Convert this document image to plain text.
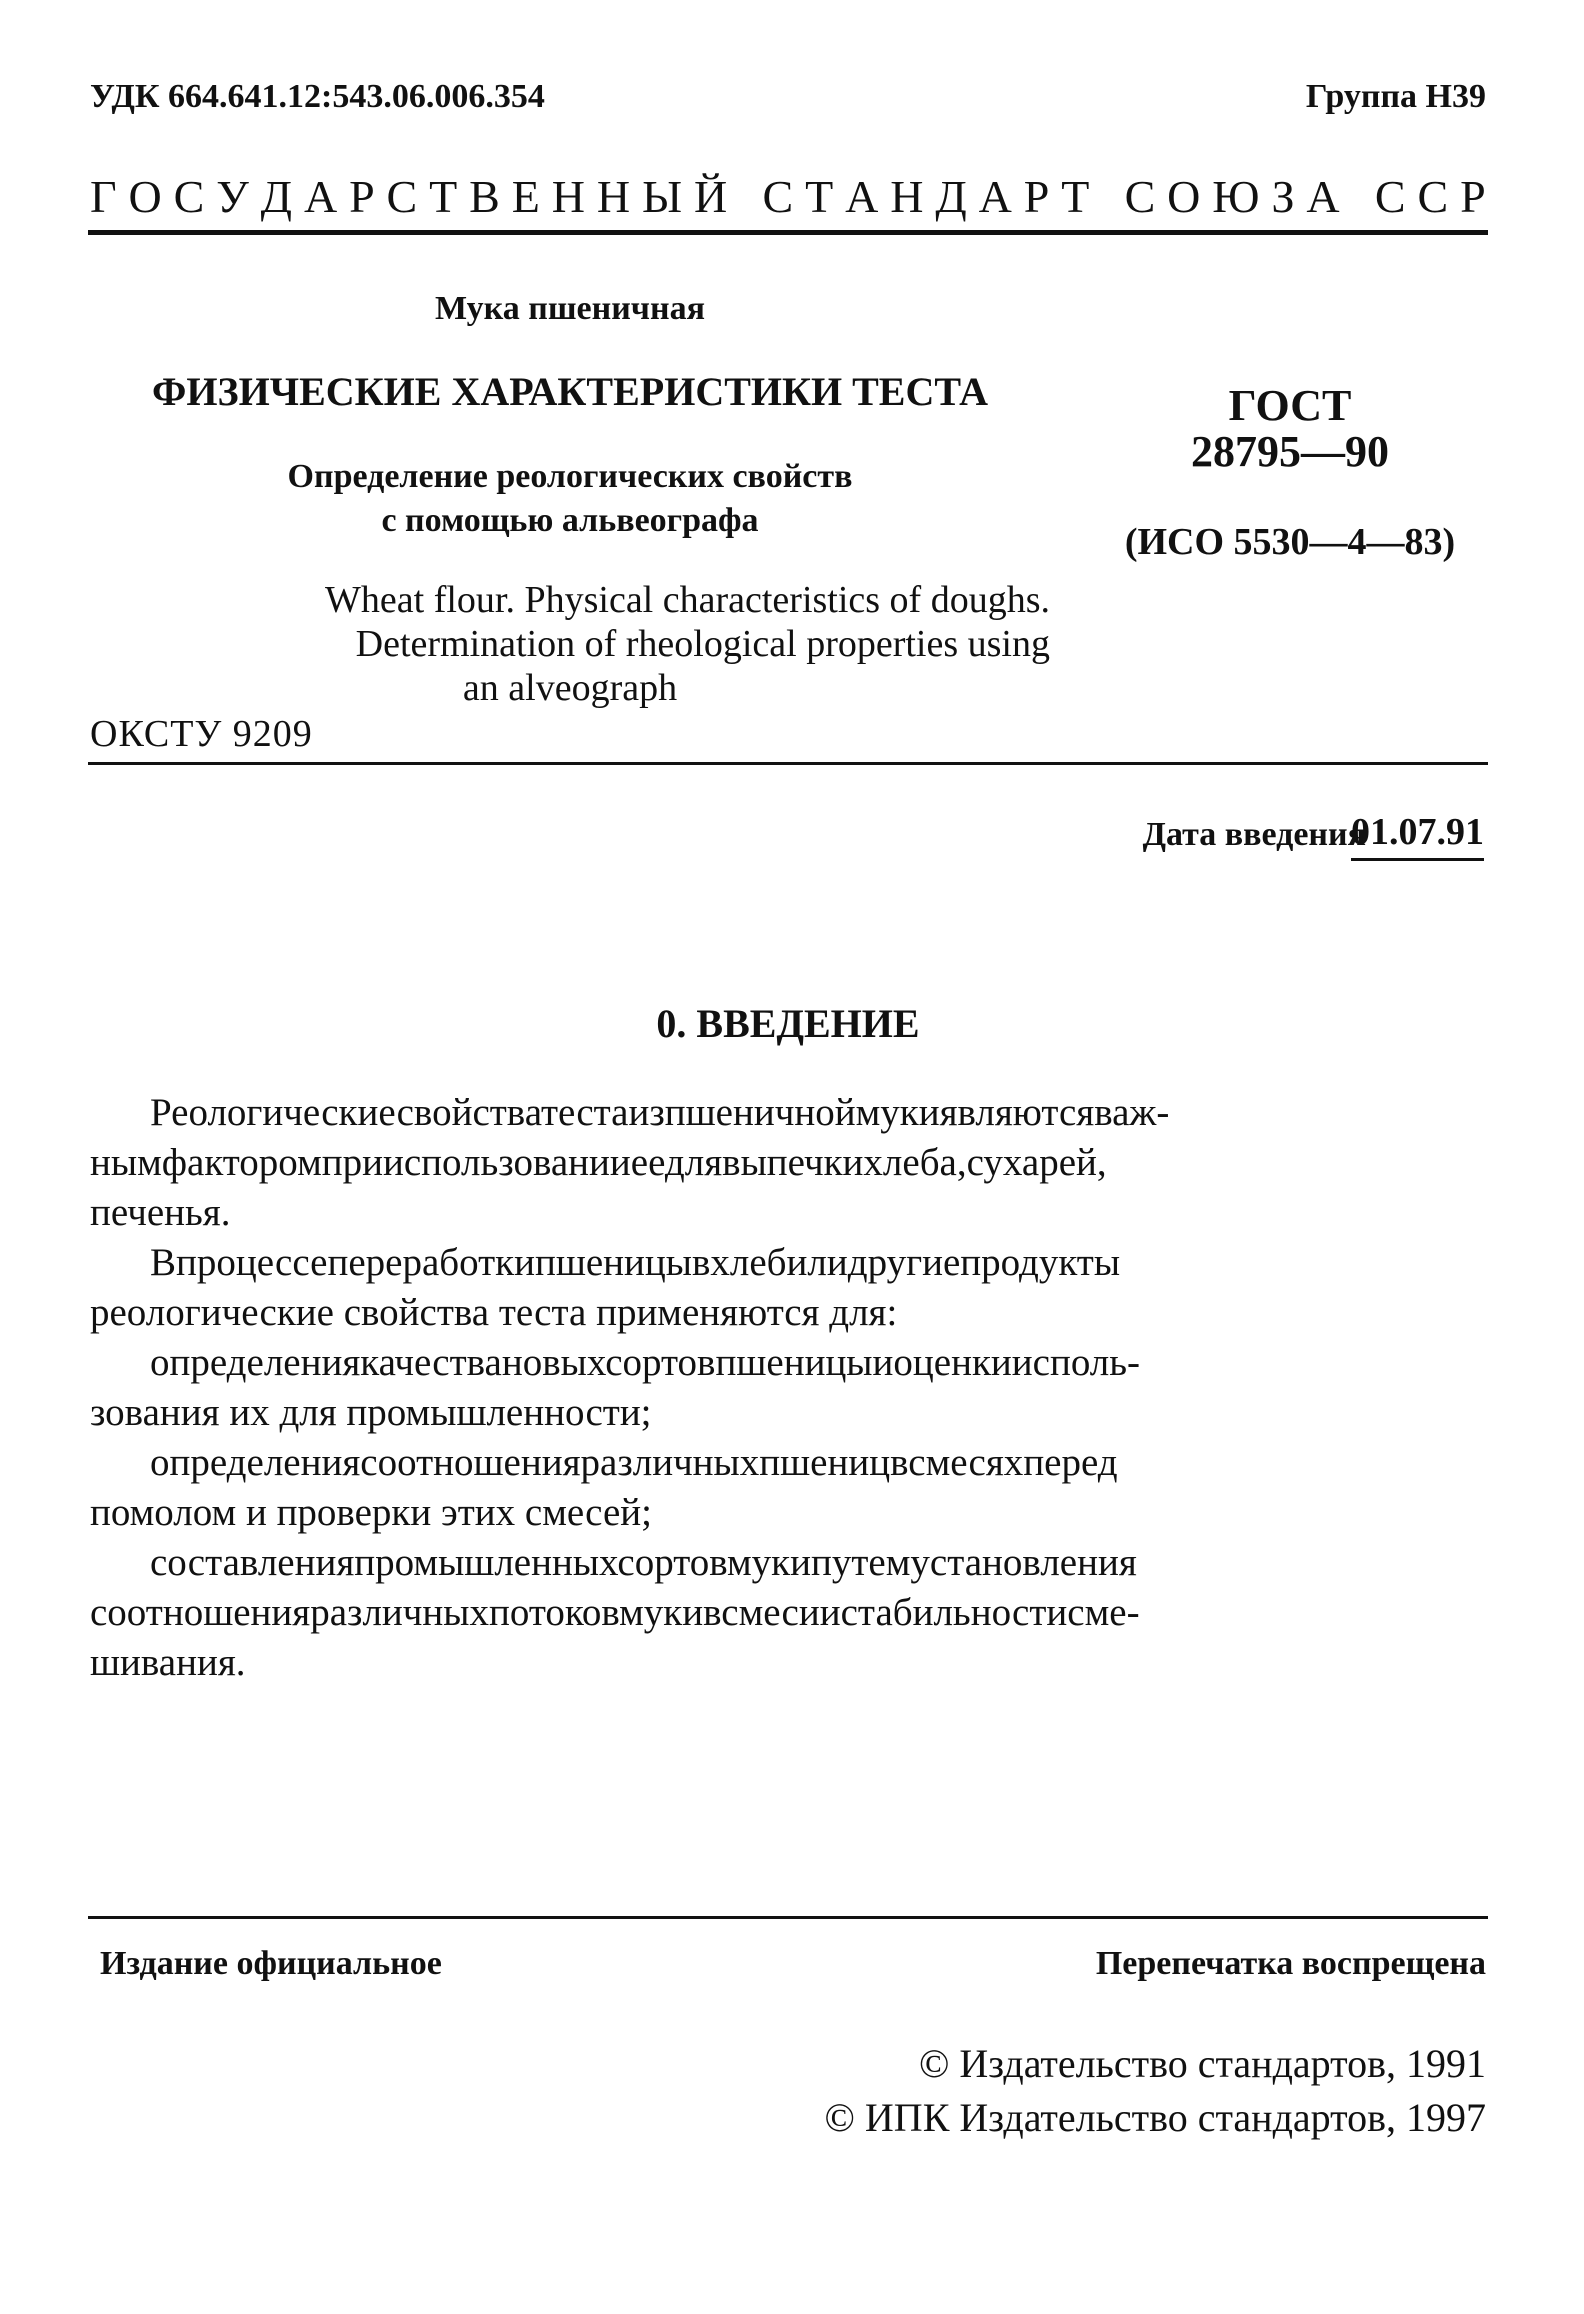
УДК 664.641.12:543.06.006.354	Группа Н39
Г О С У Д А Р С Т В Е Н Н Ы Й
С Т А Н Д А Р Т
С О Ю З А
С С Р
Мука пшеничная
ФИЗИЧЕСКИЕ ХАРАКТЕРИСТИКИ ТЕСТА
Определение реологических свойств
с помощью альвеографа
Wheat flour. Physical characteristics of doughs.
Determination of rheological properties using
an alveograph
ОКСТУ 9209
ГОСТ
28795—90
(ИСО 5530—4—83)
Дата введения
01.07.91
0. ВВЕДЕНИЕ
Реологическиесвойстватестаизпшеничноймукиявляютсяваж-
нымфакторомприиспользованииеедлявыпечкихлеба,сухарей,
печенья.
Впроцессепереработкипшеницывхлебилидругиепродукты
реологические свойства теста применяются для:
определениякачествановыхсортовпшеницыиоценкиисполь-
зования их для промышленности;
определениясоотношенияразличныхпшеницвсмесяхперед
помолом и проверки этих смесей;
составленияпромышленныхсортовмукипутемустановления
соотношенияразличныхпотоковмукивсмесиистабильностисме-
шивания.
Издание официальное	Перепечатка воспрещена
© Издательство стандартов, 1991
© ИПК Издательство стандартов, 1997
